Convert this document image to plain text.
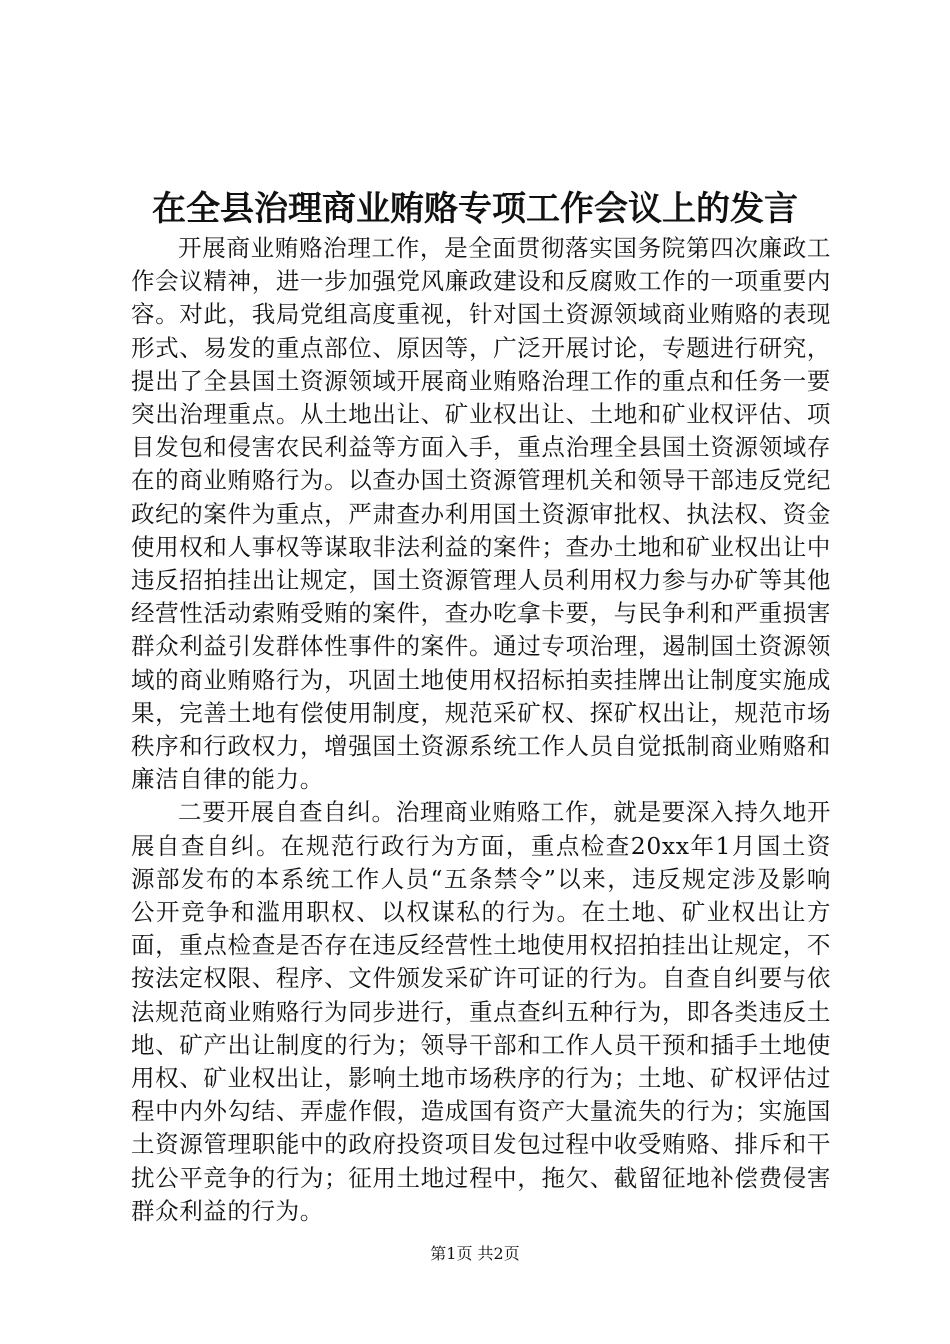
在全县治理商业贿赂专项工作会议上的发言

开展商业贿赂治理工作，是全面贯彻落实国务院第四次廉政工作会议精神，进一步加强党风廉政建设和反腐败工作的一项重要内容。对此，我局党组高度重视，针对国土资源领域商业贿赂的表现形式、易发的重点部位、原因等，广泛开展讨论，专题进行研究，提出了全县国土资源领域开展商业贿赂治理工作的重点和任务一要突出治理重点。从土地出让、矿业权出让、土地和矿业权评估、项目发包和侵害农民利益等方面入手，重点治理全县国土资源领域存在的商业贿赂行为。以查办国土资源管理机关和领导干部违反党纪政纪的案件为重点，严肃查办利用国土资源审批权、执法权、资金使用权和人事权等谋取非法利益的案件；查办土地和矿业权出让中违反招拍挂出让规定，国土资源管理人员利用权力参与办矿等其他经营性活动索贿受贿的案件，查办吃拿卡要，与民争利和严重损害群众利益引发群体性事件的案件。通过专项治理，遏制国土资源领域的商业贿赂行为，巩固土地使用权招标拍卖挂牌出让制度实施成果，完善土地有偿使用制度，规范采矿权、探矿权出让，规范市场秩序和行政权力，增强国土资源系统工作人员自觉抵制商业贿赂和廉洁自律的能力。

二要开展自查自纠。治理商业贿赂工作，就是要深入持久地开展自查自纠。在规范行政行为方面，重点检查20xx年1月国土资源部发布的本系统工作人员“五条禁令”以来，违反规定涉及影响公开竞争和滥用职权、以权谋私的行为。在土地、矿业权出让方面，重点检查是否存在违反经营性土地使用权招拍挂出让规定，不按法定权限、程序、文件颁发采矿许可证的行为。自查自纠要与依法规范商业贿赂行为同步进行，重点查纠五种行为，即各类违反土地、矿产出让制度的行为；领导干部和工作人员干预和插手土地使用权、矿业权出让，影响土地市场秩序的行为；土地、矿权评估过程中内外勾结、弄虚作假，造成国有资产大量流失的行为；实施国土资源管理职能中的政府投资项目发包过程中收受贿赂、排斥和干扰公平竞争的行为；征用土地过程中，拖欠、截留征地补偿费侵害群众利益的行为。

第1页 共2页
